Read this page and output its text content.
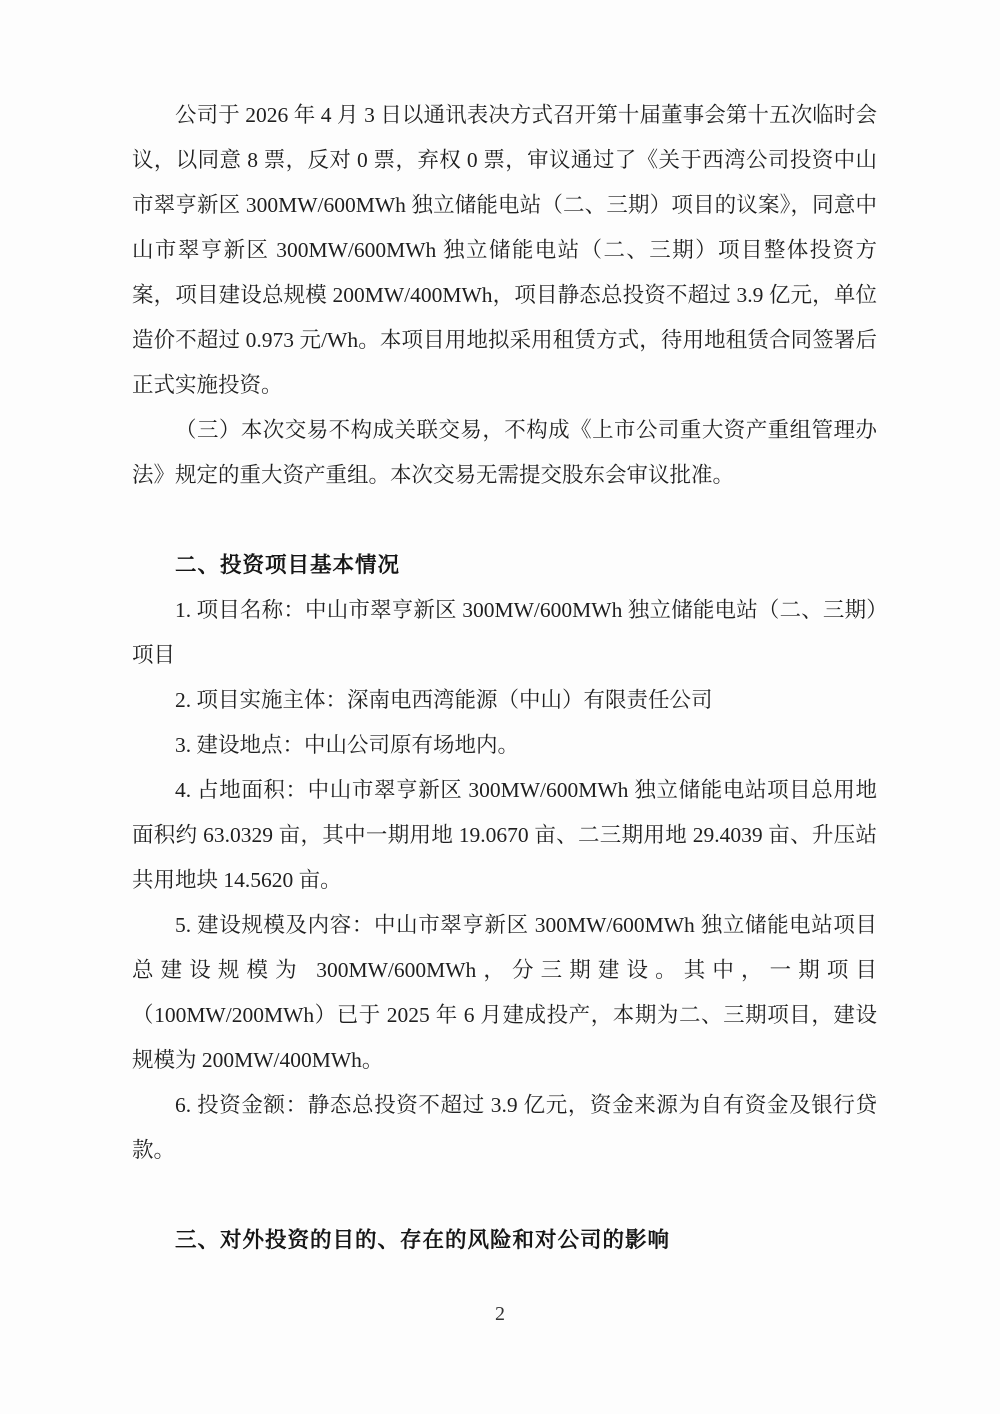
公司于 2026 年 4 月 3 日以通讯表决方式召开第十届董事会第十五次临时会议，以同意 8 票，反对 0 票，弃权 0 票，审议通过了《关于西湾公司投资中山市翠亨新区 300MW/600MWh 独立储能电站（二、三期）项目的议案》，同意中山市翠亨新区 300MW/600MWh 独立储能电站（二、三期）项目整体投资方案，项目建设总规模 200MW/400MWh，项目静态总投资不超过 3.9 亿元，单位造价不超过 0.973 元/Wh。本项目用地拟采用租赁方式，待用地租赁合同签署后正式实施投资。
（三）本次交易不构成关联交易，不构成《上市公司重大资产重组管理办法》规定的重大资产重组。本次交易无需提交股东会审议批准。
二、投资项目基本情况
1. 项目名称：中山市翠亨新区 300MW/600MWh 独立储能电站（二、三期）项目
2. 项目实施主体：深南电西湾能源（中山）有限责任公司
3. 建设地点：中山公司原有场地内。
4. 占地面积：中山市翠亨新区 300MW/600MWh 独立储能电站项目总用地面积约 63.0329 亩，其中一期用地 19.0670 亩、二三期用地 29.4039 亩、升压站共用地块 14.5620 亩。
5. 建设规模及内容：中山市翠亨新区 300MW/600MWh 独立储能电站项目总建设规模为 300MW/600MWh，分三期建设。其中，一期项目（100MW/200MWh）已于 2025 年 6 月建成投产，本期为二、三期项目，建设规模为 200MW/400MWh。
6. 投资金额：静态总投资不超过 3.9 亿元，资金来源为自有资金及银行贷款。
三、对外投资的目的、存在的风险和对公司的影响
2
